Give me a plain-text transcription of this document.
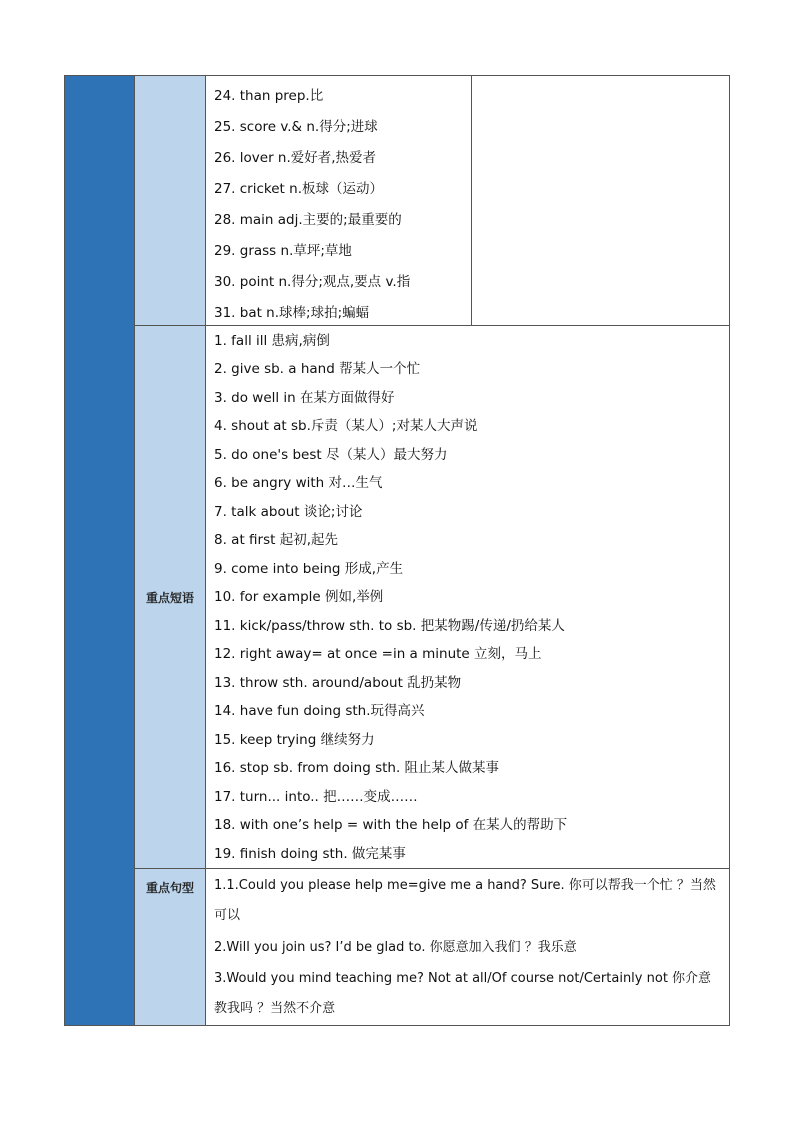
24. than prep.比
25. score v.& n.得分;进球
26. lover n.爱好者,热爱者
27. cricket n.板球（运动）
28. main adj.主要的;最重要的
29. grass n.草坪;草地
30. point n.得分;观点,要点 v.指
31. bat n.球棒;球拍;蝙蝠
重点短语
1. fall ill 患病,病倒
2. give sb. a hand 帮某人一个忙
3. do well in 在某方面做得好
4. shout at sb.斥责（某人）;对某人大声说
5. do one's best 尽（某人）最大努力
6. be angry with 对…生气
7. talk about 谈论;讨论
8. at first 起初,起先
9. come into being 形成,产生
10. for example 例如,举例
11. kick/pass/throw sth. to sb. 把某物踢/传递/扔给某人
12. right away= at once =in a minute 立刻，马上
13. throw sth. around/about 乱扔某物
14. have fun doing sth.玩得高兴
15. keep trying 继续努力
16. stop sb. from doing sth. 阻止某人做某事
17. turn... into.. 把……变成……
18. with one’s help = with the help of 在某人的帮助下
19. finish doing sth. 做完某事
重点句型 1.1.Could you please help me=give me a hand? Sure. 你可以帮我一个忙 ？当然可以
2.Will you join us? I’d be glad to. 你愿意加入我们 ？我乐意
3.Would you mind teaching me? Not at all/Of course not/Certainly not 你介意教我吗 ？当然不介意
